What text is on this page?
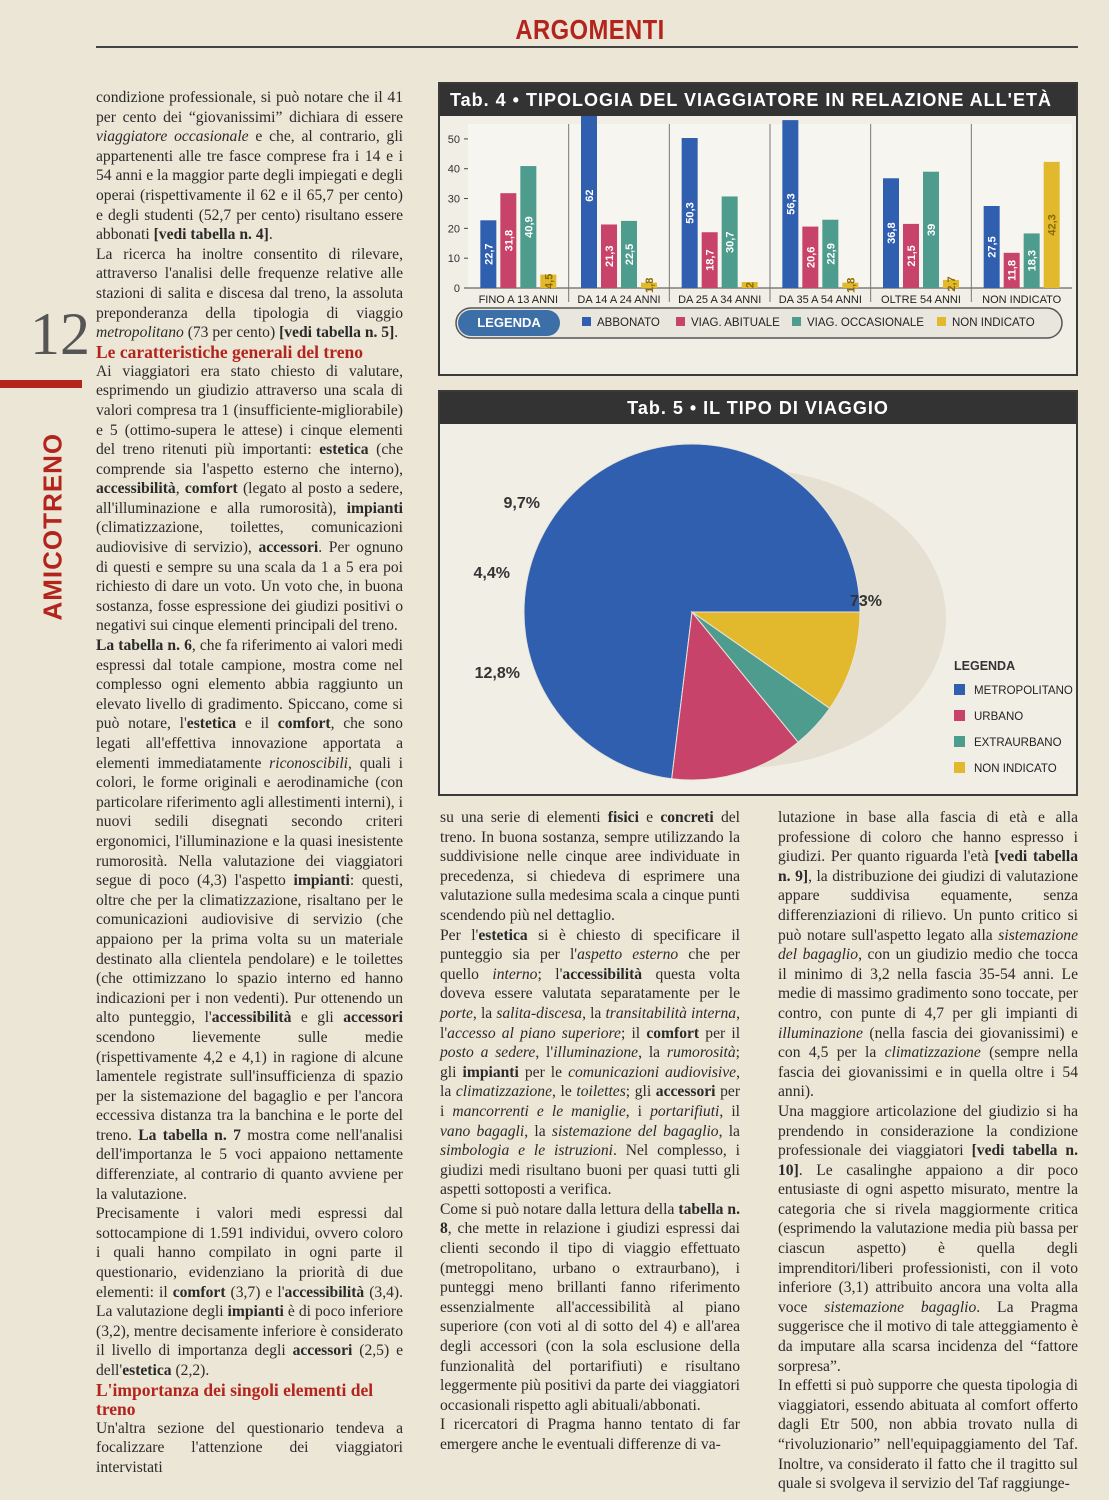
ARGOMENTI
12
AMICOTRENO

condizione professionale, si può notare che il 41 per cento dei “giovanissimi” dichiara di essere viaggiatore occasionale e che, al contrario, gli appartenenti alle tre fasce comprese fra i 14 e i 54 anni e la maggior parte degli impiegati e degli operai (rispettivamente il 62 e il 65,7 per cento) e degli studenti (52,7 per cento) risultano essere abbonati [vedi tabella n. 4].

La ricerca ha inoltre consentito di rilevare, attraverso l'analisi delle frequenze relative alle stazioni di salita e discesa dal treno, la assoluta preponderanza della tipologia di viaggio metropolitano (73 per cento) [vedi tabella n. 5].

Le caratteristiche generali del treno

Ai viaggiatori era stato chiesto di valutare, esprimendo un giudizio attraverso una scala di valori compresa tra 1 (insufficiente-migliorabile) e 5 (ottimo-supera le attese) i cinque elementi del treno ritenuti più importanti: estetica (che comprende sia l'aspetto esterno che interno), accessibilità, comfort (legato al posto a sedere, all'illuminazione e alla rumorosità), impianti (climatizzazione, toilettes, comunicazioni audiovisive di servizio), accessori. Per ognuno di questi e sempre su una scala da 1 a 5 era poi richiesto di dare un voto. Un voto che, in buona sostanza, fosse espressione dei giudizi positivi o negativi sui cinque elementi principali del treno.

La tabella n. 6, che fa riferimento ai valori medi espressi dal totale campione, mostra come nel complesso ogni elemento abbia raggiunto un elevato livello di gradimento. Spiccano, come si può notare, l'estetica e il comfort, che sono legati all'effettiva innovazione apportata a elementi immediatamente riconoscibili, quali i colori, le forme originali e aerodinamiche (con particolare riferimento agli allestimenti interni), i nuovi sedili disegnati secondo criteri ergonomici, l'illuminazione e la quasi inesistente rumorosità. Nella valutazione dei viaggiatori segue di poco (4,3) l'aspetto impianti: questi, oltre che per la climatizzazione, risaltano per le comunicazioni audiovisive di servizio (che appaiono per la prima volta su un materiale destinato alla clientela pendolare) e le toilettes (che ottimizzano lo spazio interno ed hanno indicazioni per i non vedenti). Pur ottenendo un alto punteggio, l'accessibilità e gli accessori scendono lievemente sulle medie (rispettivamente 4,2 e 4,1) in ragione di alcune lamentele registrate sull'insufficienza di spazio per la sistemazione del bagaglio e per l'ancora eccessiva distanza tra la banchina e le porte del treno. La tabella n. 7 mostra come nell'analisi dell'importanza le 5 voci appaiono nettamente differenziate, al contrario di quanto avviene per la valutazione.

Precisamente i valori medi espressi dal sottocampione di 1.591 individui, ovvero coloro i quali hanno compilato in ogni parte il questionario, evidenziano la priorità di due elementi: il comfort (3,7) e l'accessibilità (3,4). La valutazione degli impianti è di poco inferiore (3,2), mentre decisamente inferiore è considerato il livello di importanza degli accessori (2,5) e dell'estetica (2,2).

L'importanza dei singoli elementi del treno

Un'altra sezione del questionario tendeva a focalizzare l'attenzione dei viaggiatori intervistati

Tab. 4 • TIPOLOGIA DEL VIAGGIATORE IN RELAZIONE ALL'ETÀ
0
10
20
30
40
50
22,7
31,8
40,9
4,5
FINO A 13 ANNI
62
21,3 22,5
1,8
DA 14 A 24 ANNI
50,3
18,7
30,7
2
DA 25 A 34 ANNI
56,3
20,6 22,9
1,8
DA 35 A 54 ANNI
36,8
21,5
39
2,7
OLTRE 54 ANNI
27,5
11,8 18,3
42,3
NON INDICATO
LEGENDA	ABBONATO	VIAG. ABITUALE VIAG. OCCASIONALE NON INDICATO
Tab. 5 • IL TIPO DI VIAGGIO
73%
12,8%
4,4%
9,7%
LEGENDA
METROPOLITANO
URBANO
EXTRAURBANO
NON INDICATO

su una serie di elementi fisici e concreti del treno. In buona sostanza, sempre utilizzando la suddivisione nelle cinque aree individuate in precedenza, si chiedeva di esprimere una valutazione sulla medesima scala a cinque punti scendendo più nel dettaglio.

Per l'estetica si è chiesto di specificare il punteggio sia per l'aspetto esterno che per quello interno; l'accessibilità questa volta doveva essere valutata separatamente per le porte, la salita-discesa, la transitabilità interna, l'accesso al piano superiore; il comfort per il posto a sedere, l'illuminazione, la rumorosità; gli impianti per le comunicazioni audiovisive, la climatizzazione, le toilettes; gli accessori per i mancorrenti e le maniglie, i portarifiuti, il vano bagagli, la sistemazione del bagaglio, la simbologia e le istruzioni. Nel complesso, i giudizi medi risultano buoni per quasi tutti gli aspetti sottoposti a verifica.

Come si può notare dalla lettura della tabella n. 8, che mette in relazione i giudizi espressi dai clienti secondo il tipo di viaggio effettuato (metropolitano, urbano o extraurbano), i punteggi meno brillanti fanno riferimento essenzialmente all'accessibilità al piano superiore (con voti al di sotto del 4) e all'area degli accessori (con la sola esclusione della funzionalità del portarifiuti) e risultano leggermente più positivi da parte dei viaggiatori occasionali rispetto agli abituali/abbonati.

I ricercatori di Pragma hanno tentato di far emergere anche le eventuali differenze di va-

lutazione in base alla fascia di età e alla professione di coloro che hanno espresso i giudizi. Per quanto riguarda l'età [vedi tabella n. 9], la distribuzione dei giudizi di valutazione appare suddivisa equamente, senza differenziazioni di rilievo. Un punto critico si può notare sull'aspetto legato alla sistemazione del bagaglio, con un giudizio medio che tocca il minimo di 3,2 nella fascia 35-54 anni. Le medie di massimo gradimento sono toccate, per contro, con punte di 4,7 per gli impianti di illuminazione (nella fascia dei giovanissimi) e con 4,5 per la climatizzazione (sempre nella fascia dei giovanissimi e in quella oltre i 54 anni).

Una maggiore articolazione del giudizio si ha prendendo in considerazione la condizione professionale dei viaggiatori [vedi tabella n. 10]. Le casalinghe appaiono a dir poco entusiaste di ogni aspetto misurato, mentre la categoria che si rivela maggiormente critica (esprimendo la valutazione media più bassa per ciascun aspetto) è quella degli imprenditori/liberi professionisti, con il voto inferiore (3,1) attribuito ancora una volta alla voce sistemazione bagaglio. La Pragma suggerisce che il motivo di tale atteggiamento è da imputare alla scarsa incidenza del “fattore sorpresa”.

In effetti si può supporre che questa tipologia di viaggiatori, essendo abituata al comfort offerto dagli Etr 500, non abbia trovato nulla di “rivoluzionario” nell'equipaggiamento del Taf. Inoltre, va considerato il fatto che il tragitto sul quale si svolgeva il servizio del Taf raggiunge-
